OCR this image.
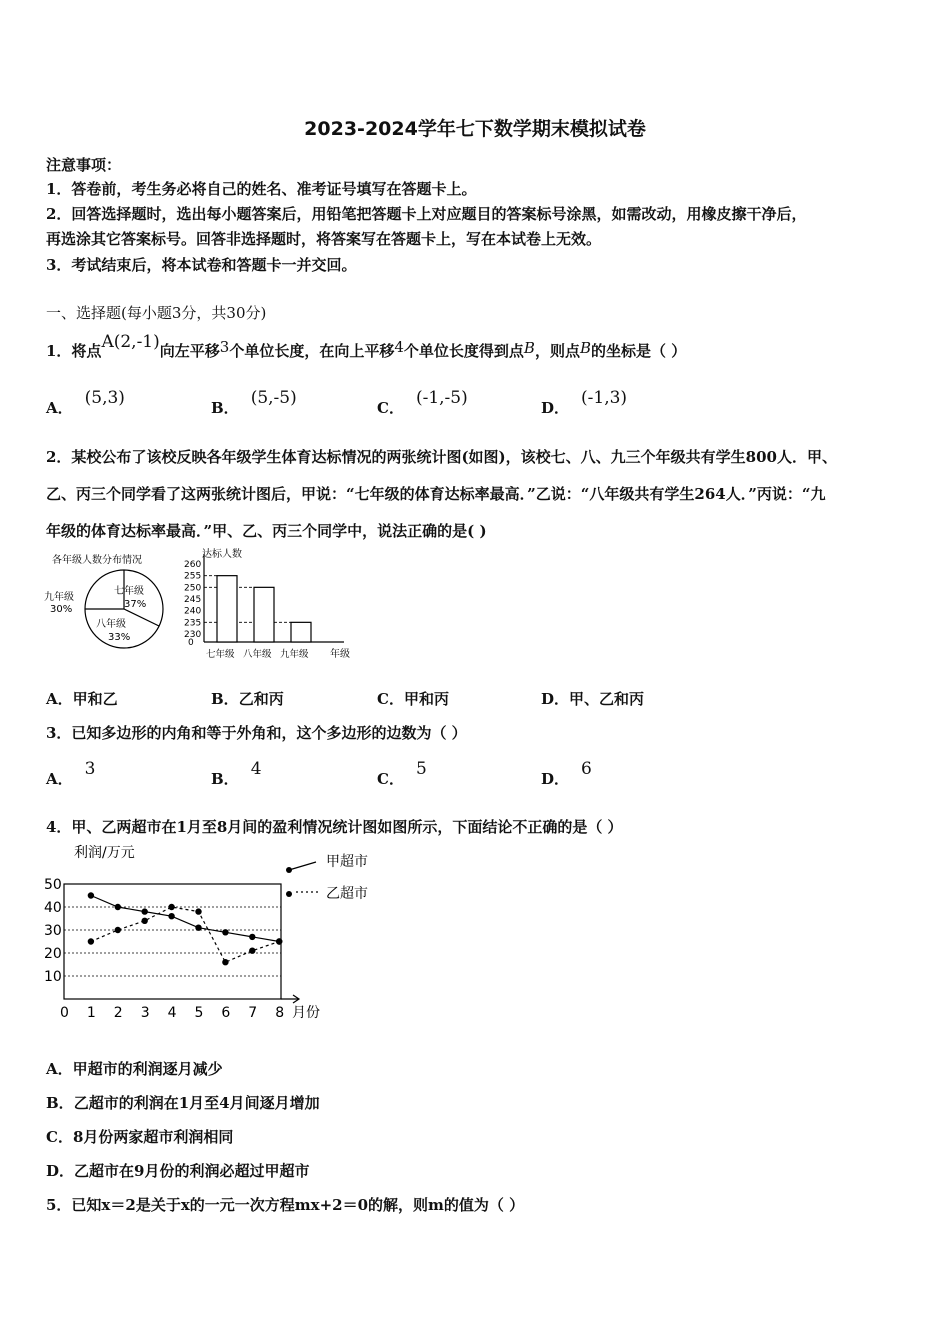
2023-2024学年七下数学期末模拟试卷
注意事项：
1．答卷前，考生务必将自己的姓名、准考证号填写在答题卡上。
2．回答选择题时，选出每小题答案后，用铅笔把答题卡上对应题目的答案标号涂黑，如需改动，用橡皮擦干净后，
再选涂其它答案标号。回答非选择题时，将答案写在答题卡上，写在本试卷上无效。
3．考试结束后，将本试卷和答题卡一并交回。
一、选择题(每小题3分，共30分)
1．将点A(2,‑1)向左平移3个单位长度，在向上平移4个单位长度得到点B，则点B的坐标是（ ）
A． (5,3)	B． (5,‑5)	C． (‑1,‑5)	D． (‑1,3)
2．某校公布了该校反映各年级学生体育达标情况的两张统计图(如图)，该校七、八、九三个年级共有学生800人．甲、
乙、丙三个同学看了这两张统计图后，甲说：“七年级的体育达标率最高．”乙说：“八年级共有学生264人．”丙说：“九
年级的体育达标率最高．”甲、乙、丙三个同学中，说法正确的是( )
各年级人数分布情况
七年级
37%
八年级
33%
九年级
30%
达标人数
0
230
235
240
245
250
255
260
七年级 八年级 九年级 年级
A．甲和乙	B．乙和丙	C．甲和丙	D．甲、乙和丙
3．已知多边形的内角和等于外角和，这个多边形的边数为（ ）
A． 3	B． 4	C． 5	D． 6
4．甲、乙两超市在1月至8月间的盈利情况统计图如图所示，下面结论不正确的是（ ）
利润/万元
10
20
30
40
50
0 1 2 3 4 5 6 7 8 月份
甲超市
乙超市
A．甲超市的利润逐月减少
B．乙超市的利润在1月至4月间逐月增加
C．8月份两家超市利润相同
D．乙超市在9月份的利润必超过甲超市
5．已知x＝2是关于x的一元一次方程mx+2＝0的解，则m的值为（ ）
